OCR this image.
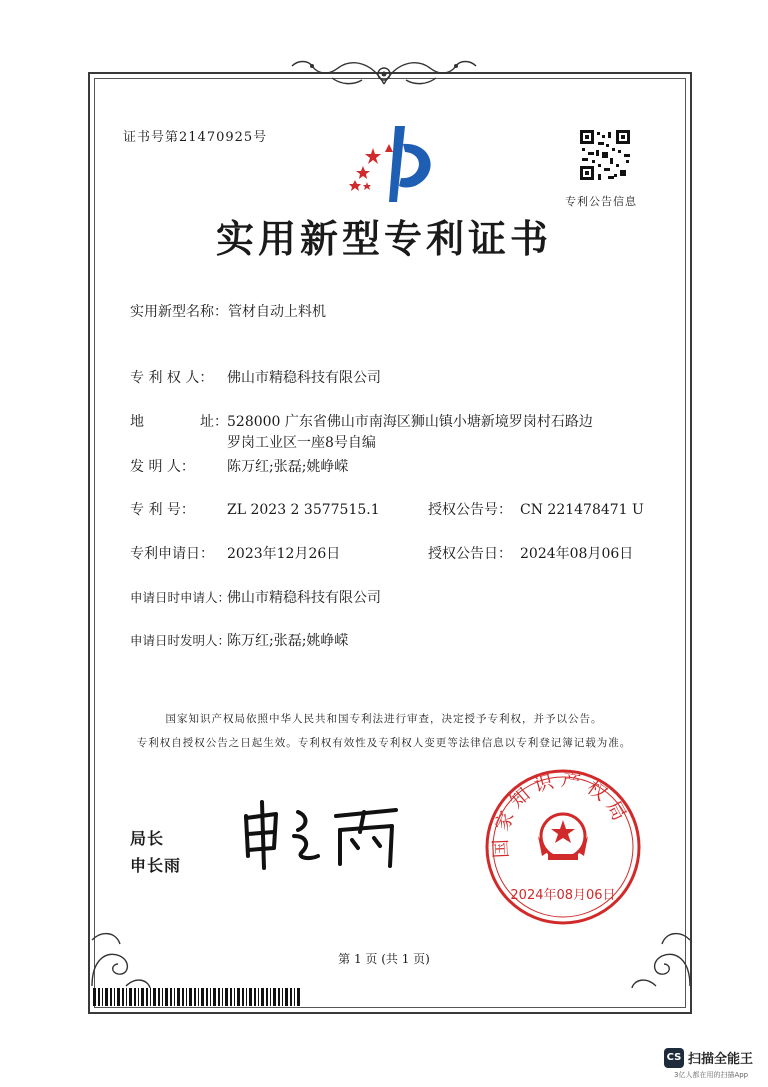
证书号第21470925号
专利公告信息
实用新型专利证书
实用新型名称：管材自动上料机
专 利 权 人： 佛山市精稳科技有限公司
地	址：528000 广东省佛山市南海区狮山镇小塘新境罗岗村石路边
罗岗工业区一座8号自编
发 明 人： 陈万红;张磊;姚峥嵘
专 利 号： ZL 2023 2 3577515.1	授权公告号： CN 221478471 U
专利申请日： 2023年12月26日	授权公告日： 2024年08月06日
申请日时申请人：佛山市精稳科技有限公司
申请日时发明人：陈万红;张磊;姚峥嵘
国家知识产权局依照中华人民共和国专利法进行审查，决定授予专利权，并予以公告。
专利权自授权公告之日起生效。专利权有效性及专利权人变更等法律信息以专利登记簿记载为准。
局长
申长雨
国家知识产权局
2024年08月06日
第 1 页 (共 1 页)
CS 扫描全能王
3亿人都在用的扫描App
